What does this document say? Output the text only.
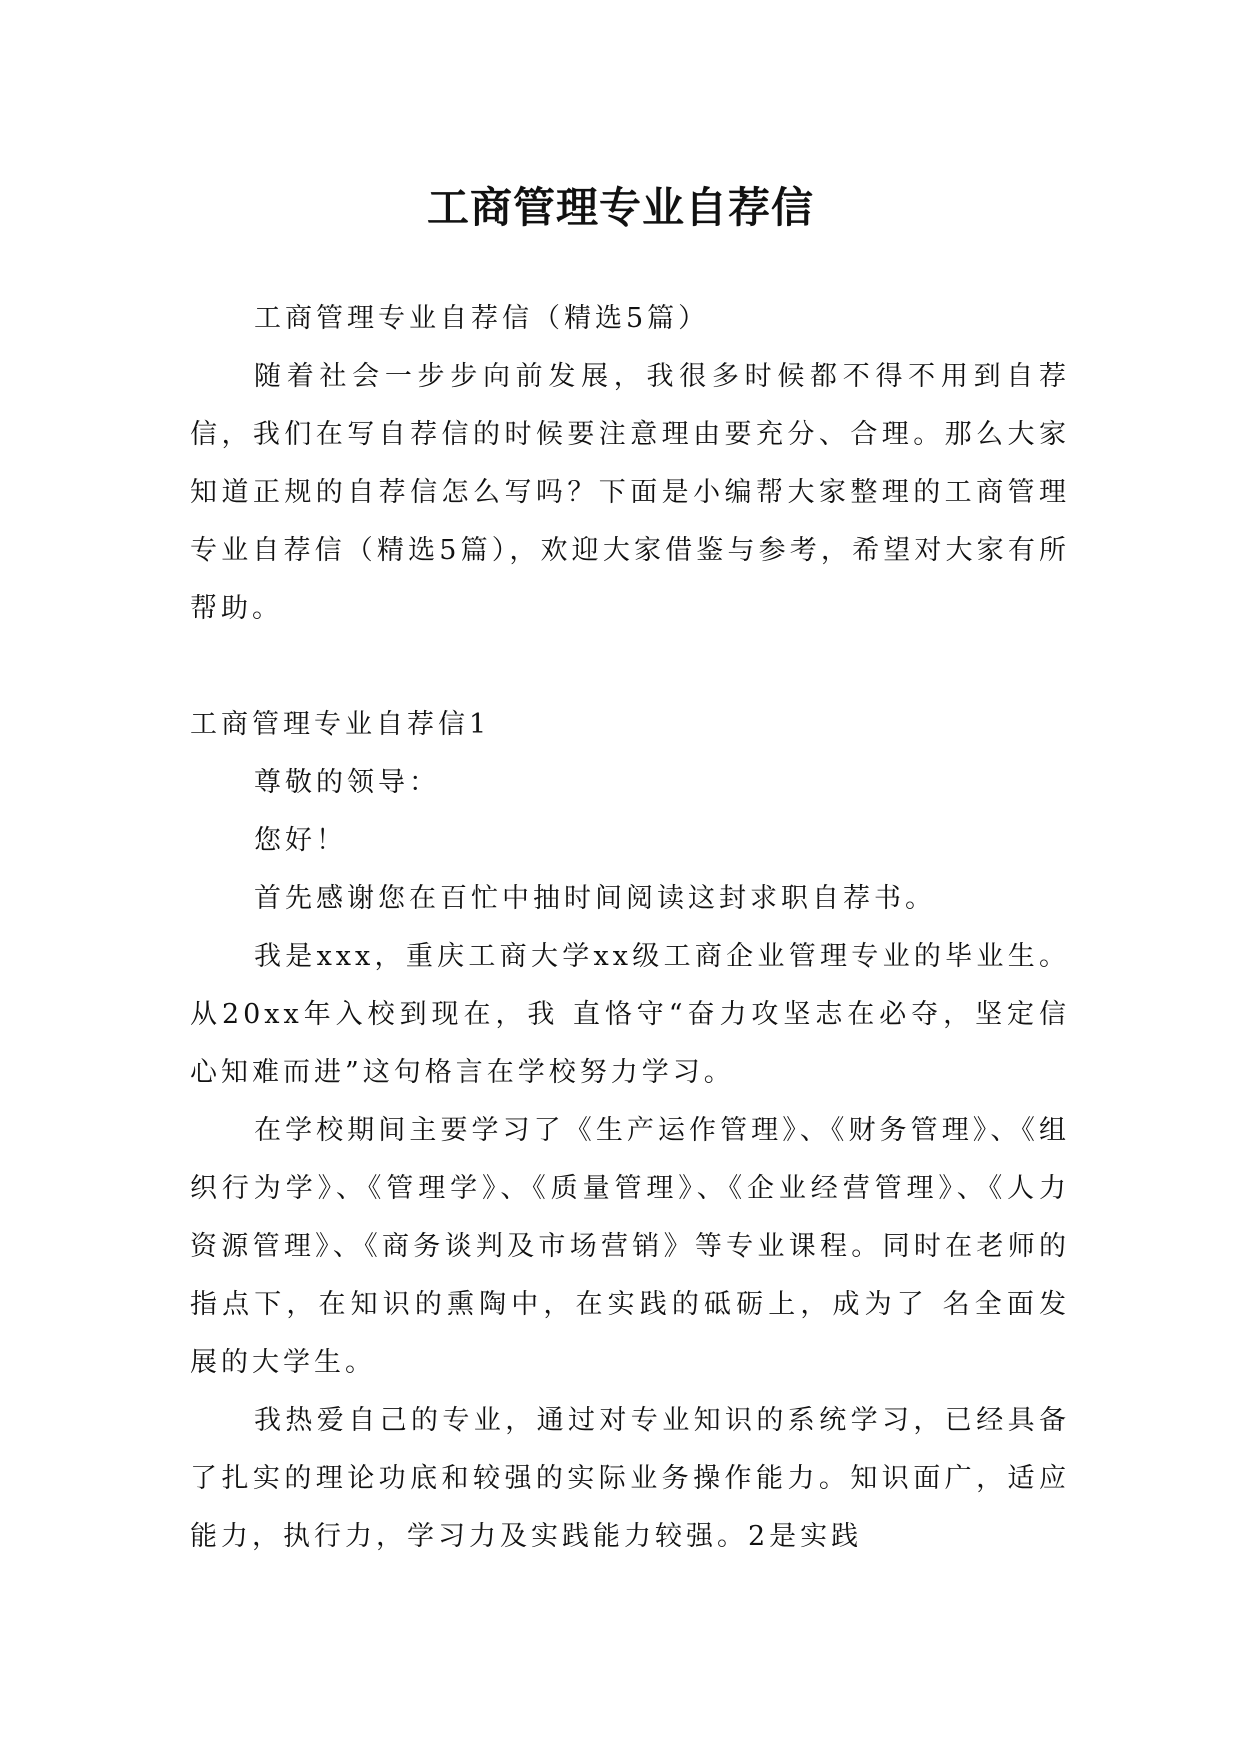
工商管理专业自荐信

工商管理专业自荐信（精选5篇）

随着社会一步步向前发展，我很多时候都不得不用到自荐信，我们在写自荐信的时候要注意理由要充分、合理。那么大家知道正规的自荐信怎么写吗？下面是小编帮大家整理的工商管理专业自荐信（精选5篇），欢迎大家借鉴与参考，希望对大家有所帮助。

工商管理专业自荐信1

尊敬的领导：

您好！

首先感谢您在百忙中抽时间阅读这封求职自荐书。

我是xxx，重庆工商大学xx级工商企业管理专业的毕业生。从20xx年入校到现在，我 直恪守“奋力攻坚志在必夺，坚定信心知难而进”这句格言在学校努力学习。

在学校期间主要学习了《生产运作管理》、《财务管理》、《组织行为学》、《管理学》、《质量管理》、《企业经营管理》、《人力资源管理》、《商务谈判及市场营销》等专业课程。同时在老师的指点下，在知识的熏陶中，在实践的砥砺上，成为了 名全面发展的大学生。

我热爱自己的专业，通过对专业知识的系统学习，已经具备了扎实的理论功底和较强的实际业务操作能力。知识面广，适应能力，执行力，学习力及实践能力较强。2是实践
